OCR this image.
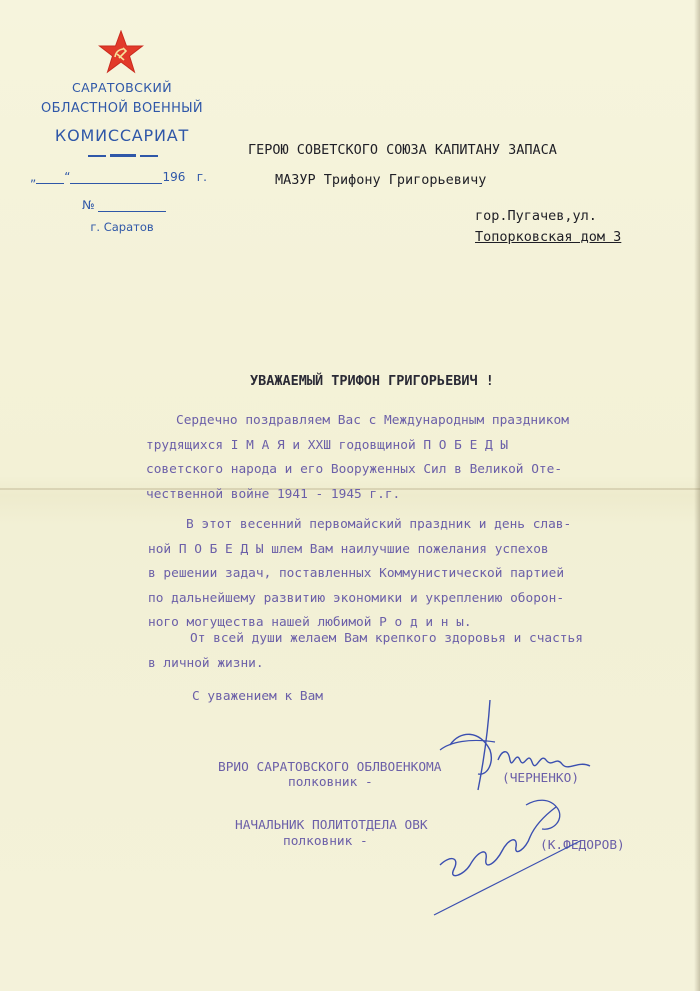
САРАТОВСКИЙ
ОБЛАСТНОЙ ВОЕННЫЙ
КОМИССАРИАТ
„ “	196 г.
№
г. Саратов
ГЕРОЮ СОВЕТСКОГО СОЮЗА КАПИТАНУ ЗАПАСА
МАЗУР Трифону Григорьевичу
гор.Пугачев,ул.
Топорковская дом 3
УВАЖАЕМЫЙ ТРИФОН ГРИГОРЬЕВИЧ !
Сердечно поздравляем Вас с Международным праздником
трудящихся I М А Я и XXШ годовщиной П О Б Е Д Ы
советского народа и его Вооруженных Сил в Великой Оте-
чественной войне 1941 - 1945 г.г.
В этот весенний первомайский праздник и день слав-
ной П О Б Е Д Ы шлем Вам наилучшие пожелания успехов
в решении задач, поставленных Коммунистической партией
по дальнейшему развитию экономики и укреплению оборон-
ного могущества нашей любимой Р о д и н ы.
От всей души желаем Вам крепкого здоровья и счастья
в личной жизни.
С уважением к Вам
ВРИО САРАТОВСКОГО ОБЛВОЕНКОМА
полковник -	(ЧЕРНЕНКО)
НАЧАЛЬНИК ПОЛИТОТДЕЛА ОВК
полковник -	(К.ФЕДОРОВ)
